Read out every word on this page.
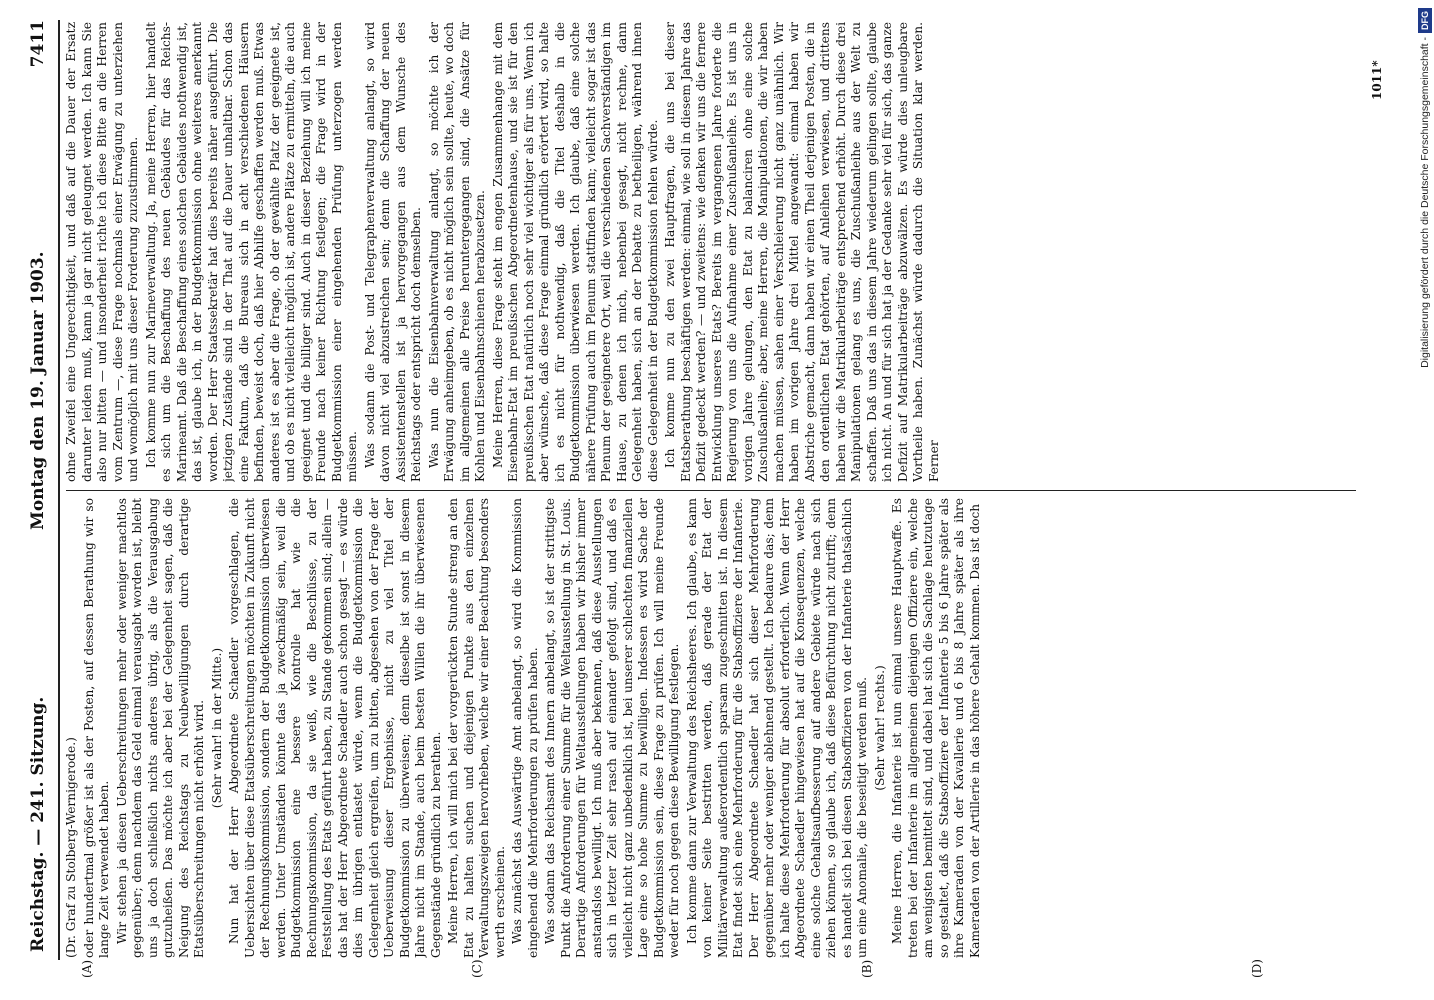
Reichstag. — 241. Sitzung.
Montag den 19. Januar 1903.
7411
(A)	(B)
(C)	(D)

(Dr. Graf zu Stolberg-Wernigerode.) oder hundertmal größer ist als der Posten, auf dessen Berathung wir so lange Zeit verwendet haben. Wir stehen ja diesen Ueberschreitungen mehr oder weniger machtlos gegenüber; denn nachdem das Geld einmal verausgabt worden ist, bleibt uns ja doch schließlich nichts anderes übrig, als die Verausgabung gutzuheißen. Das möchte ich aber bei der Gelegenheit sagen, daß die Neigung des Reichstags zu Neubewilligungen durch derartige Etatsüberschreitungen nicht erhöht wird. (Sehr wahr! in der Mitte.) Nun hat der Herr Abgeordnete Schaedler vorgeschlagen, die Uebersichten über diese Etatsüberschreitungen möchten in Zukunft nicht der Rechnungskommission, sondern der Budgetkommission überwiesen werden. Unter Umständen könnte das ja zweckmäßig sein, weil die Budgetkommission eine bessere Kontrolle hat wie die Rechnungskommission, da sie weiß, wie die Beschlüsse, zu der Feststellung des Etats geführt haben, zu Stande gekommen sind; allein — das hat der Herr Abgeordnete Schaedler auch schon gesagt — es würde dies im übrigen entlastet würde, wenn die Budgetkommission die Gelegenheit gleich ergreifen, um zu bitten, abgesehen von der Frage der Ueberweisung dieser Ergebnisse, nicht zu viel Titel der Budgetkommission zu überweisen; denn dieselbe ist sonst in diesem Jahre nicht im Stande, auch beim besten Willen die ihr überwiesenen Gegenstände gründlich zu berathen. Meine Herren, ich will mich bei der vorgerückten Stunde streng an den Etat zu halten suchen und diejenigen Punkte aus den einzelnen Verwaltungszweigen hervorheben, welche wir einer Beachtung besonders werth erscheinen. Was zunächst das Auswärtige Amt anbelangt, so wird die Kommission eingehend die Mehrforderungen zu prüfen haben. Was sodann das Reichsamt des Innern anbelangt, so ist der strittigste Punkt die Anforderung einer Summe für die Weltausstellung in St. Louis. Derartige Anforderungen für Weltausstellungen haben wir bisher immer anstandslos bewilligt. Ich muß aber bekennen, daß diese Ausstellungen sich in letzter Zeit sehr rasch auf einander gefolgt sind, und daß es vielleicht nicht ganz unbedenklich ist, bei unserer schlechten finanziellen Lage eine so hohe Summe zu bewilligen. Indessen es wird Sache der Budgetkommission sein, diese Frage zu prüfen. Ich will meine Freunde weder für noch gegen diese Bewilligung festlegen. Ich komme dann zur Verwaltung des Reichsheeres. Ich glaube, es kann von keiner Seite bestritten werden, daß gerade der Etat der Militärverwaltung außerordentlich sparsam zugeschnitten ist. In diesem Etat findet sich eine Mehrforderung für die Stabsoffiziere der Infanterie. Der Herr Abgeordnete Schaedler hat sich dieser Mehrforderung gegenüber mehr oder weniger ablehnend gestellt. Ich bedaure das; denn ich halte diese Mehrforderung für absolut erforderlich. Wenn der Herr Abgeordnete Schaedler hingewiesen hat auf die Konsequenzen, welche eine solche Gehaltsaufbesserung auf andere Gebiete würde nach sich ziehen können, so glaube ich, daß diese Befürchtung nicht zutrifft; denn es handelt sich bei diesen Stabsoffizieren von der Infanterie thatsächlich um eine Anomalie, die beseitigt werden muß. (Sehr wahr! rechts.) Meine Herren, die Infanterie ist nun einmal unsere Hauptwaffe. Es treten bei der Infanterie im allgemeinen diejenigen Offiziere ein, welche am wenigsten bemittelt sind, und dabei hat sich die Sachlage heutzutage so gestaltet, daß die Stabsoffiziere der Infanterie 5 bis 6 Jahre später als ihre Kameraden von der Kavallerie und 6 bis 8 Jahre später als ihre Kameraden von der Artillerie in das höhere Gehalt kommen. Das ist doch

ohne Zweifel eine Ungerechtigkeit, und daß auf die Dauer der Ersatz darunter leiden muß, kann ja gar nicht geleugnet werden. Ich kann Sie also nur bitten — und insonderheit richte ich diese Bitte an die Herren vom Zentrum —, diese Frage nochmals einer Erwägung zu unterziehen und womöglich mit uns dieser Forderung zuzustimmen. Ich komme nun zur Marineverwaltung. Ja, meine Herren, hier handelt es sich um die Beschaffung des neuen Gebäudes für das Reichs-Marineamt. Daß die Beschaffung eines solchen Gebäudes nothwendig ist, das ist, glaube ich, in der Budgetkommission ohne weiteres anerkannt worden. Der Herr Staatssekretär hat dies bereits näher ausgeführt. Die jetzigen Zustände sind in der That auf die Dauer unhaltbar. Schon das eine Faktum, daß die Bureaus sich in acht verschiedenen Häusern befinden, beweist doch, daß hier Abhilfe geschaffen werden muß. Etwas anderes ist es aber die Frage, ob der gewählte Platz der geeignete ist, und ob es nicht vielleicht möglich ist, andere Plätze zu ermitteln, die auch geeignet und die billiger sind. Auch in dieser Beziehung will ich meine Freunde nach keiner Richtung festlegen; die Frage wird in der Budgetkommission einer eingehenden Prüfung unterzogen werden müssen. Was sodann die Post- und Telegraphenverwaltung anlangt, so wird davon nicht viel abzustreichen sein; denn die Schaffung der neuen Assistentenstellen ist ja hervorgegangen aus dem Wunsche des Reichstags oder entspricht doch demselben. Was nun die Eisenbahnverwaltung anlangt, so möchte ich der Erwägung anheimgeben, ob es nicht möglich sein sollte, heute, wo doch im allgemeinen alle Preise heruntergegangen sind, die Ansätze für Kohlen und Eisenbahnschienen herabzusetzen. Meine Herren, diese Frage steht im engen Zusammenhange mit dem Eisenbahn-Etat im preußischen Abgeordnetenhause, und sie ist für den preußischen Etat natürlich noch sehr viel wichtiger als für uns. Wenn ich aber wünsche, daß diese Frage einmal gründlich erörtert wird, so halte ich es nicht für nothwendig, daß die Titel deshalb in die Budgetkommission überwiesen werden. Ich glaube, daß eine solche nähere Prüfung auch im Plenum stattfinden kann; vielleicht sogar ist das Plenum der geeignetere Ort, weil die verschiedenen Sachverständigen im Hause, zu denen ich mich, nebenbei gesagt, nicht rechne, dann Gelegenheit haben, sich an der Debatte zu betheiligen, während ihnen diese Gelegenheit in der Budgetkommission fehlen würde. Ich komme nun zu den zwei Hauptfragen, die uns bei dieser Etatsberathung beschäftigen werden: einmal, wie soll in diesem Jahre das Defizit gedeckt werden? — und zweitens: wie denken wir uns die fernere Entwicklung unseres Etats? Bereits im vergangenen Jahre forderte die Regierung von uns die Aufnahme einer Zuschußanleihe. Es ist uns in vorigen Jahre gelungen, den Etat zu balanciren ohne eine solche Zuschußanleihe; aber, meine Herren, die Manipulationen, die wir haben machen müssen, sahen einer Verschleierung nicht ganz unähnlich. Wir haben im vorigen Jahre drei Mittel angewandt: einmal haben wir Abstriche gemacht, dann haben wir einen Theil derjenigen Posten, die in den ordentlichen Etat gehörten, auf Anleihen verwiesen, und drittens haben wir die Matrikularbeiträge entsprechend erhöht. Durch diese drei Manipulationen gelang es uns, die Zuschußanleihe aus der Welt zu schaffen. Daß uns das in diesem Jahre wiederum gelingen sollte, glaube ich nicht. An und für sich hat ja der Gedanke sehr viel für sich, das ganze Defizit auf Matrikularbeiträge abzuwälzen. Es würde dies unleugbare Vortheile haben. Zunächst würde dadurch die Situation klar werden. Ferner

1011*	Digitalisierung gefördert durch die Deutsche Forschungsgemeinschaft -DFG
